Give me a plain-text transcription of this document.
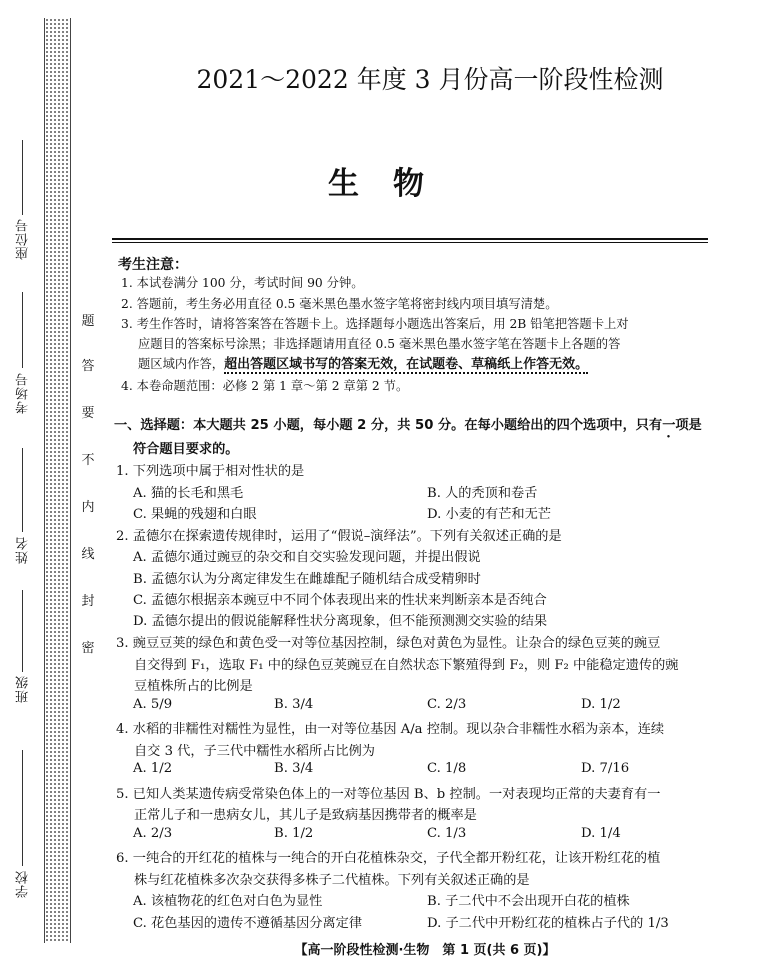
座位号
考场号
姓名
班级
学校
题
答
要
不
内
线
封
密
2021～2022 年度 3 月份高一阶段性检测
生物
考生注意：
1. 本试卷满分 100 分，考试时间 90 分钟。
2. 答题前，考生务必用直径 0.5 毫米黑色墨水签字笔将密封线内项目填写清楚。
3. 考生作答时，请将答案答在答题卡上。选择题每小题选出答案后，用 2B 铅笔把答题卡上对
应题目的答案标号涂黑；非选择题请用直径 0.5 毫米黑色墨水签字笔在答题卡上各题的答
题区域内作答，超出答题区域书写的答案无效，在试题卷、草稿纸上作答无效。
4. 本卷命题范围：必修 2 第 1 章～第 2 章第 2 节。
一、选择题：本大题共 25 小题，每小题 2 分，共 50 分。在每小题给出的四个选项中，只有一项是
符合题目要求的。
1. 下列选项中属于相对性状的是
A. 猫的长毛和黑毛	B. 人的秃顶和卷舌
C. 果蝇的残翅和白眼	D. 小麦的有芒和无芒
2. 孟德尔在探索遗传规律时，运用了“假说–演绎法”。下列有关叙述正确的是
A. 孟德尔通过豌豆的杂交和自交实验发现问题，并提出假说
B. 孟德尔认为分离定律发生在雌雄配子随机结合成受精卵时
C. 孟德尔根据亲本豌豆中不同个体表现出来的性状来判断亲本是否纯合
D. 孟德尔提出的假说能解释性状分离现象，但不能预测测交实验的结果
3. 豌豆豆荚的绿色和黄色受一对等位基因控制，绿色对黄色为显性。让杂合的绿色豆荚的豌豆
自交得到 F₁，选取 F₁ 中的绿色豆荚豌豆在自然状态下繁殖得到 F₂，则 F₂ 中能稳定遗传的豌
豆植株所占的比例是
A. 5/9	B. 3/4	C. 2/3	D. 1/2
4. 水稻的非糯性对糯性为显性，由一对等位基因 A/a 控制。现以杂合非糯性水稻为亲本，连续
自交 3 代，子三代中糯性水稻所占比例为
A. 1/2	B. 3/4	C. 1/8	D. 7/16
5. 已知人类某遗传病受常染色体上的一对等位基因 B、b 控制。一对表现均正常的夫妻育有一
正常儿子和一患病女儿，其儿子是致病基因携带者的概率是
A. 2/3	B. 1/2	C. 1/3	D. 1/4
6. 一纯合的开红花的植株与一纯合的开白花植株杂交，子代全都开粉红花，让该开粉红花的植
株与红花植株多次杂交获得多株子二代植株。下列有关叙述正确的是
A. 该植物花的红色对白色为显性	B. 子二代中不会出现开白花的植株
C. 花色基因的遗传不遵循基因分离定律	D. 子二代中开粉红花的植株占子代的 1/3
【高一阶段性检测·生物　第 1 页(共 6 页)】
